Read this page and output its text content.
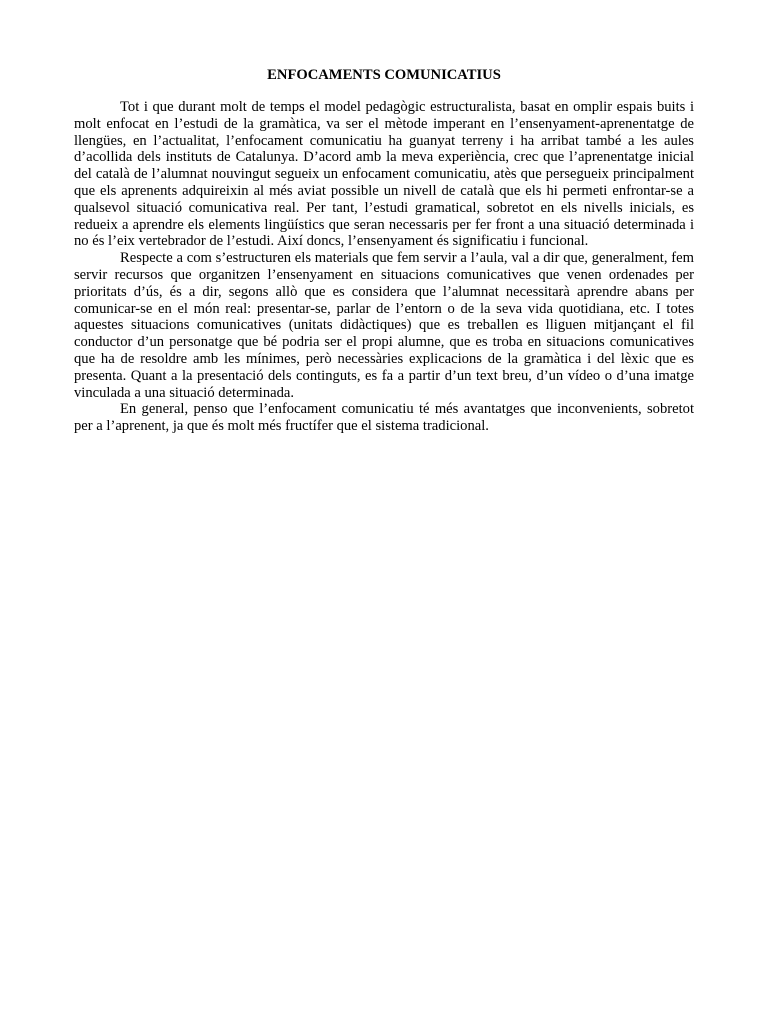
ENFOCAMENTS COMUNICATIUS

Tot i que durant molt de temps el model pedagògic estructuralista, basat en omplir espais buits i molt enfocat en l’estudi de la gramàtica, va ser el mètode imperant en l’ensenyament-aprenentatge de llengües, en l’actualitat, l’enfocament comunicatiu ha guanyat terreny i ha arribat també a les aules d’acollida dels instituts de Catalunya. D’acord amb la meva experiència, crec que l’aprenentatge inicial del català de l’alumnat nouvingut segueix un enfocament comunicatiu, atès que persegueix principalment que els aprenents adquireixin al més aviat possible un nivell de català que els hi permeti enfrontar-se a qualsevol situació comunicativa real. Per tant, l’estudi gramatical, sobretot en els nivells inicials, es redueix a aprendre els elements lingüístics que seran necessaris per fer front a una situació determinada i no és l’eix vertebrador de l’estudi. Així doncs, l’ensenyament és significatiu i funcional.

Respecte a com s’estructuren els materials que fem servir a l’aula, val a dir que, generalment, fem servir recursos que organitzen l’ensenyament en situacions comunicatives que venen ordenades per prioritats d’ús, és a dir, segons allò que es considera que l’alumnat necessitarà aprendre abans per comunicar-se en el món real: presentar-se, parlar de l’entorn o de la seva vida quotidiana, etc. I totes aquestes situacions comunicatives (unitats didàctiques) que es treballen es lliguen mitjançant el fil conductor d’un personatge que bé podria ser el propi alumne, que es troba en situacions comunicatives que ha de resoldre amb les mínimes, però necessàries explicacions de la gramàtica i del lèxic que es presenta. Quant a la presentació dels continguts, es fa a partir d’un text breu, d’un vídeo o d’una imatge vinculada a una situació determinada.

En general, penso que l’enfocament comunicatiu té més avantatges que inconvenients, sobretot per a l’aprenent, ja que és molt més fructífer que el sistema tradicional.
